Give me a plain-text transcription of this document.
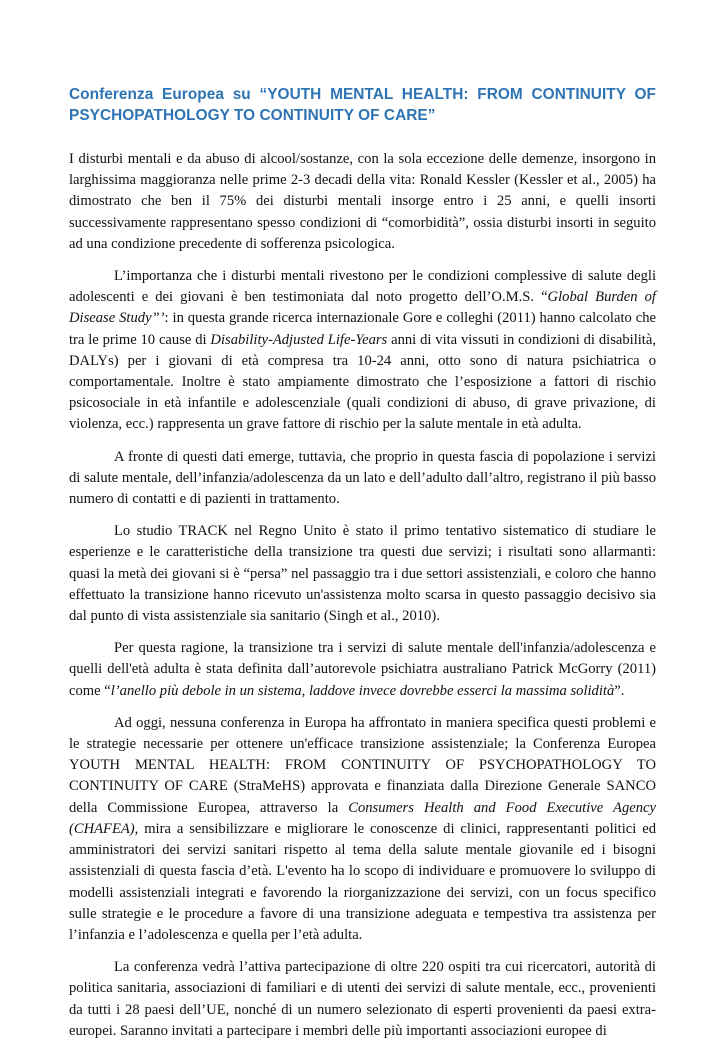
Conferenza Europea su “YOUTH MENTAL HEALTH: FROM CONTINUITY OF PSYCHOPATHOLOGY TO CONTINUITY OF CARE”

I disturbi mentali e da abuso di alcool/sostanze, con la sola eccezione delle demenze, insorgono in larghissima maggioranza nelle prime 2-3 decadi della vita: Ronald Kessler (Kessler et al., 2005) ha dimostrato che ben il 75% dei disturbi mentali insorge entro i 25 anni, e quelli insorti successivamente rappresentano spesso condizioni di “comorbidità”, ossia disturbi insorti in seguito ad una condizione precedente di sofferenza psicologica.

L’importanza che i disturbi mentali rivestono per le condizioni complessive di salute degli adolescenti e dei giovani è ben testimoniata dal noto progetto dell’O.M.S. “Global Burden of Disease Study”’: in questa grande ricerca internazionale Gore e colleghi (2011) hanno calcolato che tra le prime 10 cause di Disability-Adjusted Life-Years anni di vita vissuti in condizioni di disabilità, DALYs) per i giovani di età compresa tra 10-24 anni, otto sono di natura psichiatrica o comportamentale. Inoltre è stato ampiamente dimostrato che l’esposizione a fattori di rischio psicosociale in età infantile e adolescenziale (quali condizioni di abuso, di grave privazione, di violenza, ecc.) rappresenta un grave fattore di rischio per la salute mentale in età adulta.

A fronte di questi dati emerge, tuttavia, che proprio in questa fascia di popolazione i servizi di salute mentale, dell’infanzia/adolescenza da un lato e dell’adulto dall’altro, registrano il più basso numero di contatti e di pazienti in trattamento.

Lo studio TRACK nel Regno Unito è stato il primo tentativo sistematico di studiare le esperienze e le caratteristiche della transizione tra questi due servizi; i risultati sono allarmanti: quasi la metà dei giovani si è “persa” nel passaggio tra i due settori assistenziali, e coloro che hanno effettuato la transizione hanno ricevuto un'assistenza molto scarsa in questo passaggio decisivo sia dal punto di vista assistenziale sia sanitario (Singh et al., 2010).

Per questa ragione, la transizione tra i servizi di salute mentale dell'infanzia/adolescenza e quelli dell'età adulta è stata definita dall’autorevole psichiatra australiano Patrick McGorry (2011) come “l’anello più debole in un sistema, laddove invece dovrebbe esserci la massima solidità”.

Ad oggi, nessuna conferenza in Europa ha affrontato in maniera specifica questi problemi e le strategie necessarie per ottenere un'efficace transizione assistenziale; la Conferenza Europea YOUTH MENTAL HEALTH: FROM CONTINUITY OF PSYCHOPATHOLOGY TO CONTINUITY OF CARE (StraMeHS) approvata e finanziata dalla Direzione Generale SANCO della Commissione Europea, attraverso la Consumers Health and Food Executive Agency (CHAFEA), mira a sensibilizzare e migliorare le conoscenze di clinici, rappresentanti politici ed amministratori dei servizi sanitari rispetto al tema della salute mentale giovanile ed i bisogni assistenziali di questa fascia d’età. L'evento ha lo scopo di individuare e promuovere lo sviluppo di modelli assistenziali integrati e favorendo la riorganizzazione dei servizi, con un focus specifico sulle strategie e le procedure a favore di una transizione adeguata e tempestiva tra assistenza per l’infanzia e l’adolescenza e quella per l’età adulta.

La conferenza vedrà l’attiva partecipazione di oltre 220 ospiti tra cui ricercatori, autorità di politica sanitaria, associazioni di familiari e di utenti dei servizi di salute mentale, ecc., provenienti da tutti i 28 paesi dell’UE, nonché di un numero selezionato di esperti provenienti da paesi extra-europei. Saranno invitati a partecipare i membri delle più importanti associazioni europee di
